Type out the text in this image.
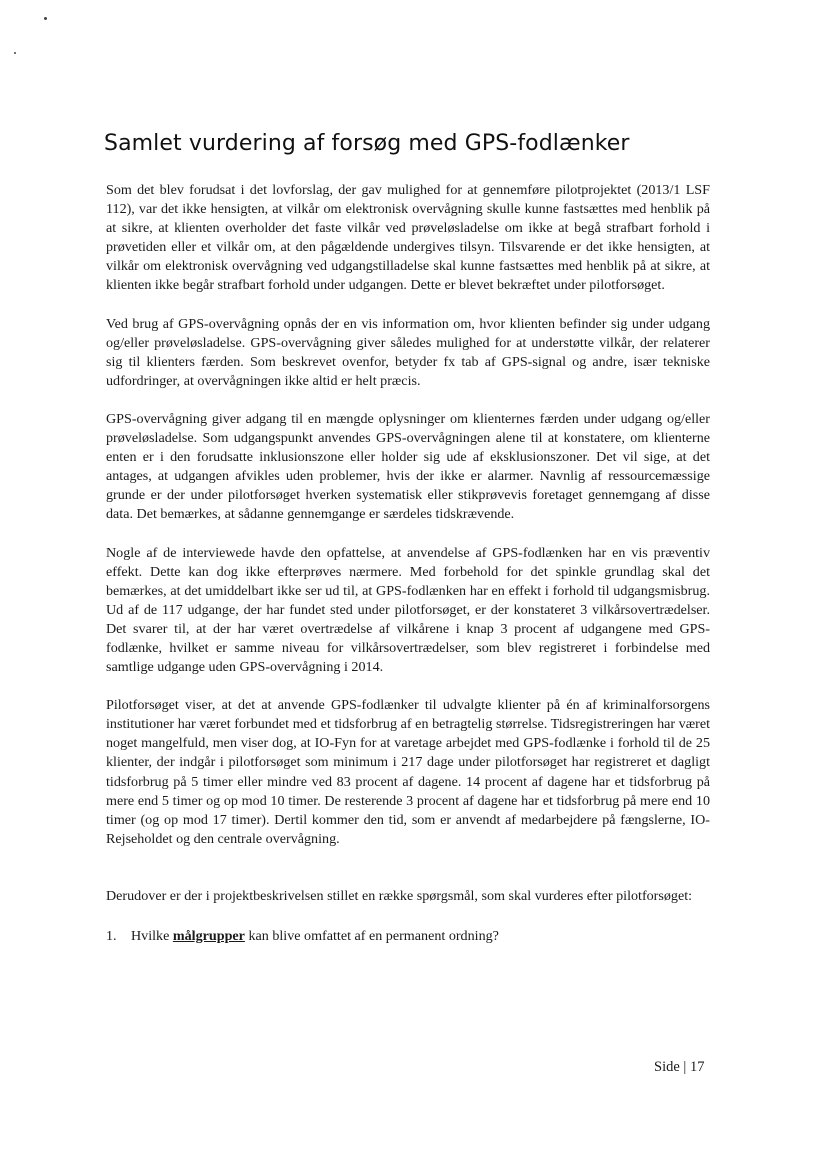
Samlet vurdering af forsøg med GPS-fodlænker

Som det blev forudsat i det lovforslag, der gav mulighed for at gennemføre pilotprojektet (2013/1 LSF 112), var det ikke hensigten, at vilkår om elektronisk overvågning skulle kunne fastsættes med henblik på at sikre, at klienten overholder det faste vilkår ved prøveløsladelse om ikke at begå strafbart forhold i prøvetiden eller et vilkår om, at den pågældende undergives tilsyn. Tilsvarende er det ikke hensigten, at vilkår om elektronisk overvågning ved udgangstilladelse skal kunne fastsættes med henblik på at sikre, at klienten ikke begår strafbart forhold under udgangen. Dette er blevet bekræftet under pilotforsøget.

Ved brug af GPS-overvågning opnås der en vis information om, hvor klienten befinder sig under udgang og/eller prøveløsladelse. GPS-overvågning giver således mulighed for at understøtte vilkår, der relaterer sig til klienters færden. Som beskrevet ovenfor, betyder fx tab af GPS-signal og andre, især tekniske udfordringer, at overvågningen ikke altid er helt præcis.

GPS-overvågning giver adgang til en mængde oplysninger om klienternes færden under udgang og/eller prøveløsladelse. Som udgangspunkt anvendes GPS-overvågningen alene til at konstatere, om klienterne enten er i den forudsatte inklusionszone eller holder sig ude af eksklusionszoner. Det vil sige, at det antages, at udgangen afvikles uden problemer, hvis der ikke er alarmer. Navnlig af ressourcemæssige grunde er der under pilotforsøget hverken systematisk eller stikprøvevis foretaget gennemgang af disse data. Det bemærkes, at sådanne gennemgange er særdeles tidskrævende.

Nogle af de interviewede havde den opfattelse, at anvendelse af GPS-fodlænken har en vis præventiv effekt. Dette kan dog ikke efterprøves nærmere. Med forbehold for det spinkle grundlag skal det bemærkes, at det umiddelbart ikke ser ud til, at GPS-fodlænken har en effekt i forhold til udgangsmisbrug. Ud af de 117 udgange, der har fundet sted under pilotforsøget, er der konstateret 3 vilkårsovertrædelser. Det svarer til, at der har været overtrædelse af vilkårene i knap 3 procent af udgangene med GPS-fodlænke, hvilket er samme niveau for vilkårsovertrædelser, som blev registreret i forbindelse med samtlige udgange uden GPS-overvågning i 2014.

Pilotforsøget viser, at det at anvende GPS-fodlænker til udvalgte klienter på én af kriminalforsorgens institutioner har været forbundet med et tidsforbrug af en betragtelig størrelse. Tidsregistreringen har været noget mangelfuld, men viser dog, at IO-Fyn for at varetage arbejdet med GPS-fodlænke i forhold til de 25 klienter, der indgår i pilotforsøget som minimum i 217 dage under pilotforsøget har registreret et dagligt tidsforbrug på 5 timer eller mindre ved 83 procent af dagene. 14 procent af dagene har et tidsforbrug på mere end 5 timer og op mod 10 timer. De resterende 3 procent af dagene har et tidsforbrug på mere end 10 timer (og op mod 17 timer). Dertil kommer den tid, som er anvendt af medarbejdere på fængslerne, IO-Rejseholdet og den centrale overvågning.

Derudover er der i projektbeskrivelsen stillet en række spørgsmål, som skal vurderes efter pilotforsøget:

1.	Hvilke målgrupper kan blive omfattet af en permanent ordning?
Side | 17
